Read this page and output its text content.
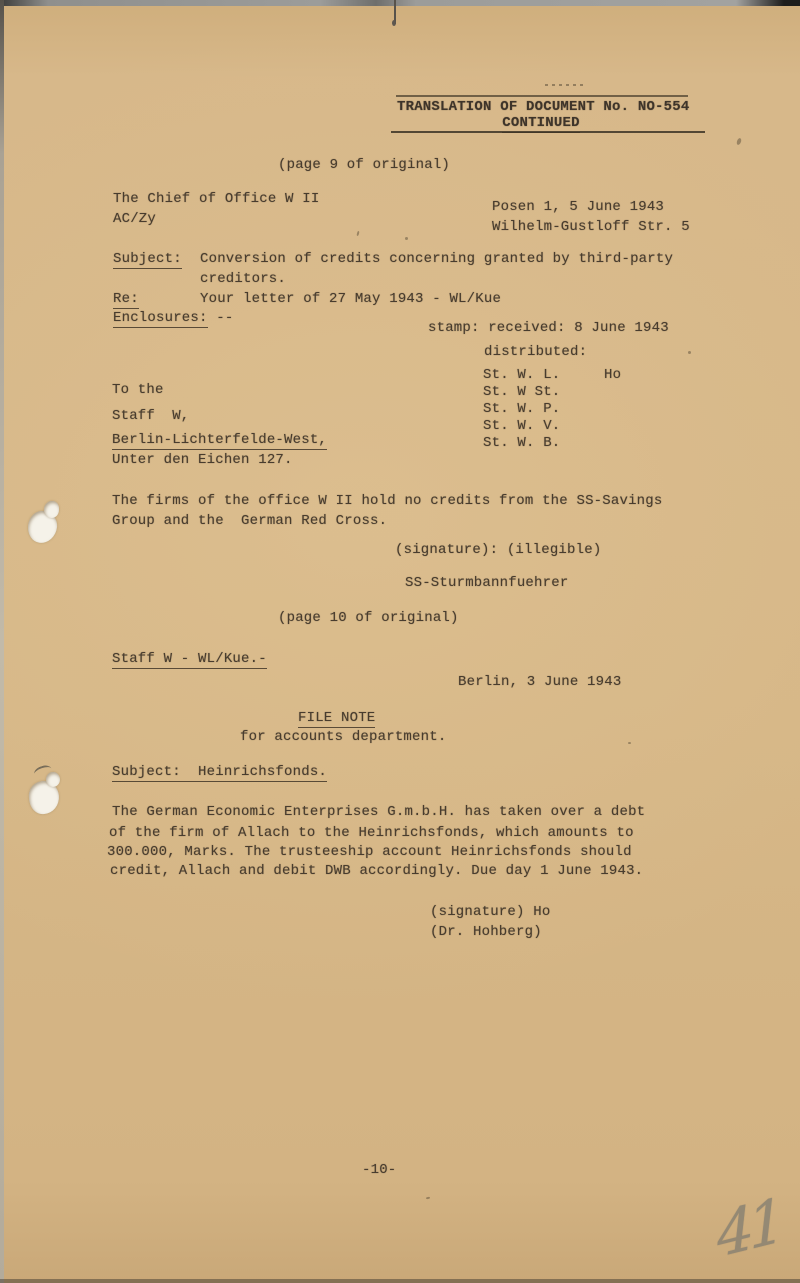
TRANSLATION OF DOCUMENT No. NO-554
CONTINUED
(page 9 of original)
The Chief of Office W II
AC/Zy
Posen 1, 5 June 1943
Wilhelm-Gustloff Str. 5
Subject: Conversion of credits concerning granted by third-party
creditors.
Re:	Your letter of 27 May 1943 - WL/Kue
Enclosures: --
stamp: received: 8 June 1943
distributed:
St. W. L.	Ho
St. W St.
St. W. P.
St. W. V.
St. W. B.
To the
Staff  W,
Berlin-Lichterfelde-West,
Unter den Eichen 127.
The firms of the office W II hold no credits from the SS-Savings
Group and the  German Red Cross.
(signature): (illegible)
SS-Sturmbannfuehrer
(page 10 of original)
Staff W - WL/Kue.-
Berlin, 3 June 1943
FILE NOTE
for accounts department.
Subject:  Heinrichsfonds.
The German Economic Enterprises G.m.b.H. has taken over a debt
of the firm of Allach to the Heinrichsfonds, which amounts to
300.000, Marks. The trusteeship account Heinrichsfonds should
credit, Allach and debit DWB accordingly. Due day 1 June 1943.
(signature) Ho
(Dr. Hohberg)
-10-
41
